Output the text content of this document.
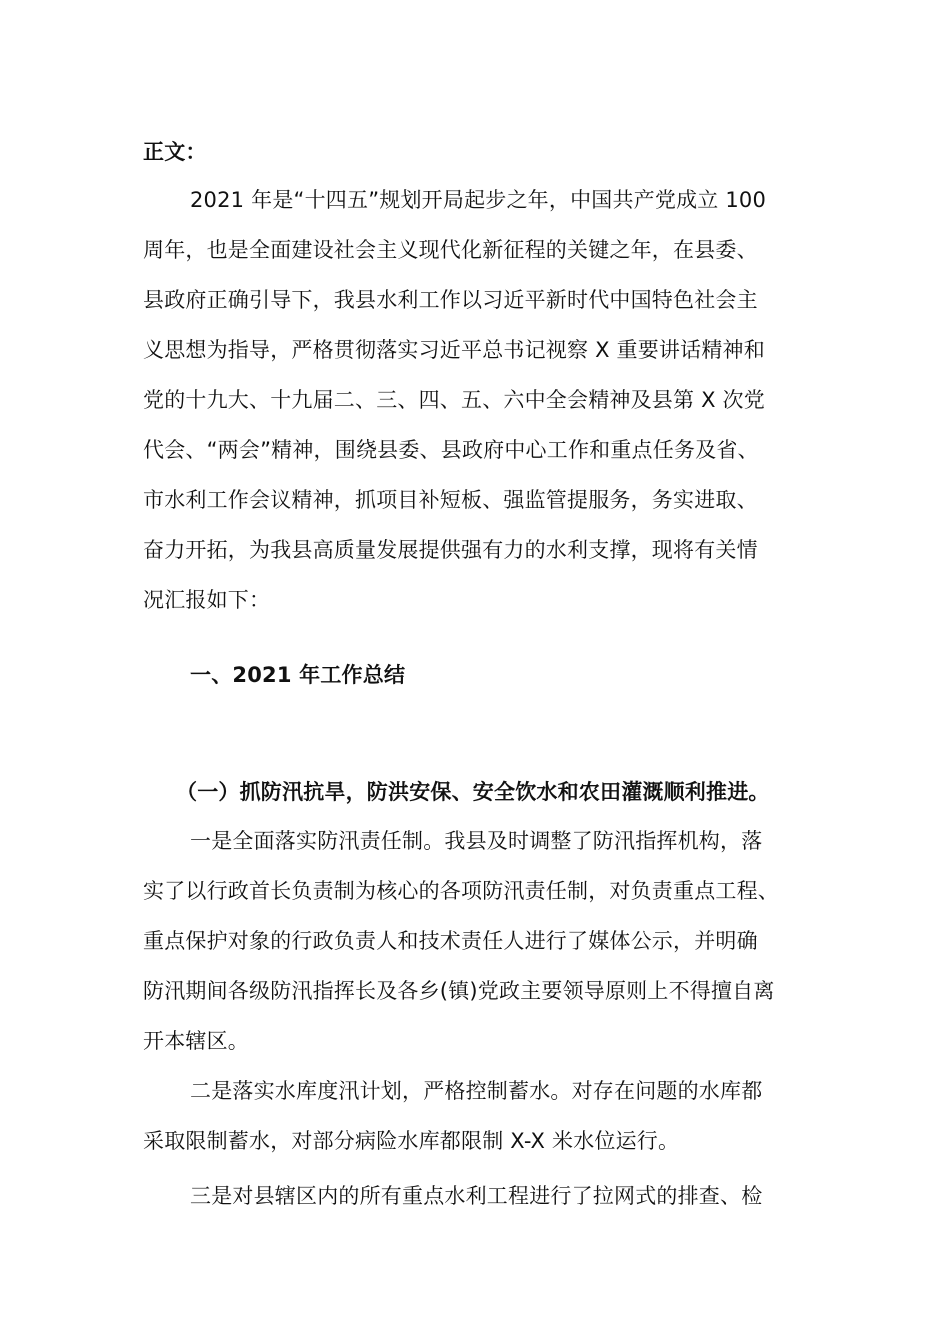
正文：
2021 年是“十四五”规划开局起步之年，中国共产党成立 100
周年，也是全面建设社会主义现代化新征程的关键之年，在县委、
县政府正确引导下，我县水利工作以习近平新时代中国特色社会主
义思想为指导，严格贯彻落实习近平总书记视察 X 重要讲话精神和
党的十九大、十九届二、三、四、五、六中全会精神及县第 X 次党
代会、“两会”精神，围绕县委、县政府中心工作和重点任务及省、
市水利工作会议精神，抓项目补短板、强监管提服务，务实进取、
奋力开拓，为我县高质量发展提供强有力的水利支撑，现将有关情
况汇报如下：
一、2021 年工作总结
（一）抓防汛抗旱，防洪安保、安全饮水和农田灌溉顺利推进。
一是全面落实防汛责任制。我县及时调整了防汛指挥机构，落
实了以行政首长负责制为核心的各项防汛责任制，对负责重点工程、
重点保护对象的行政负责人和技术责任人进行了媒体公示，并明确
防汛期间各级防汛指挥长及各乡(镇)党政主要领导原则上不得擅自离
开本辖区。
二是落实水库度汛计划，严格控制蓄水。对存在问题的水库都
采取限制蓄水，对部分病险水库都限制 X-X 米水位运行。
三是对县辖区内的所有重点水利工程进行了拉网式的排查、检
